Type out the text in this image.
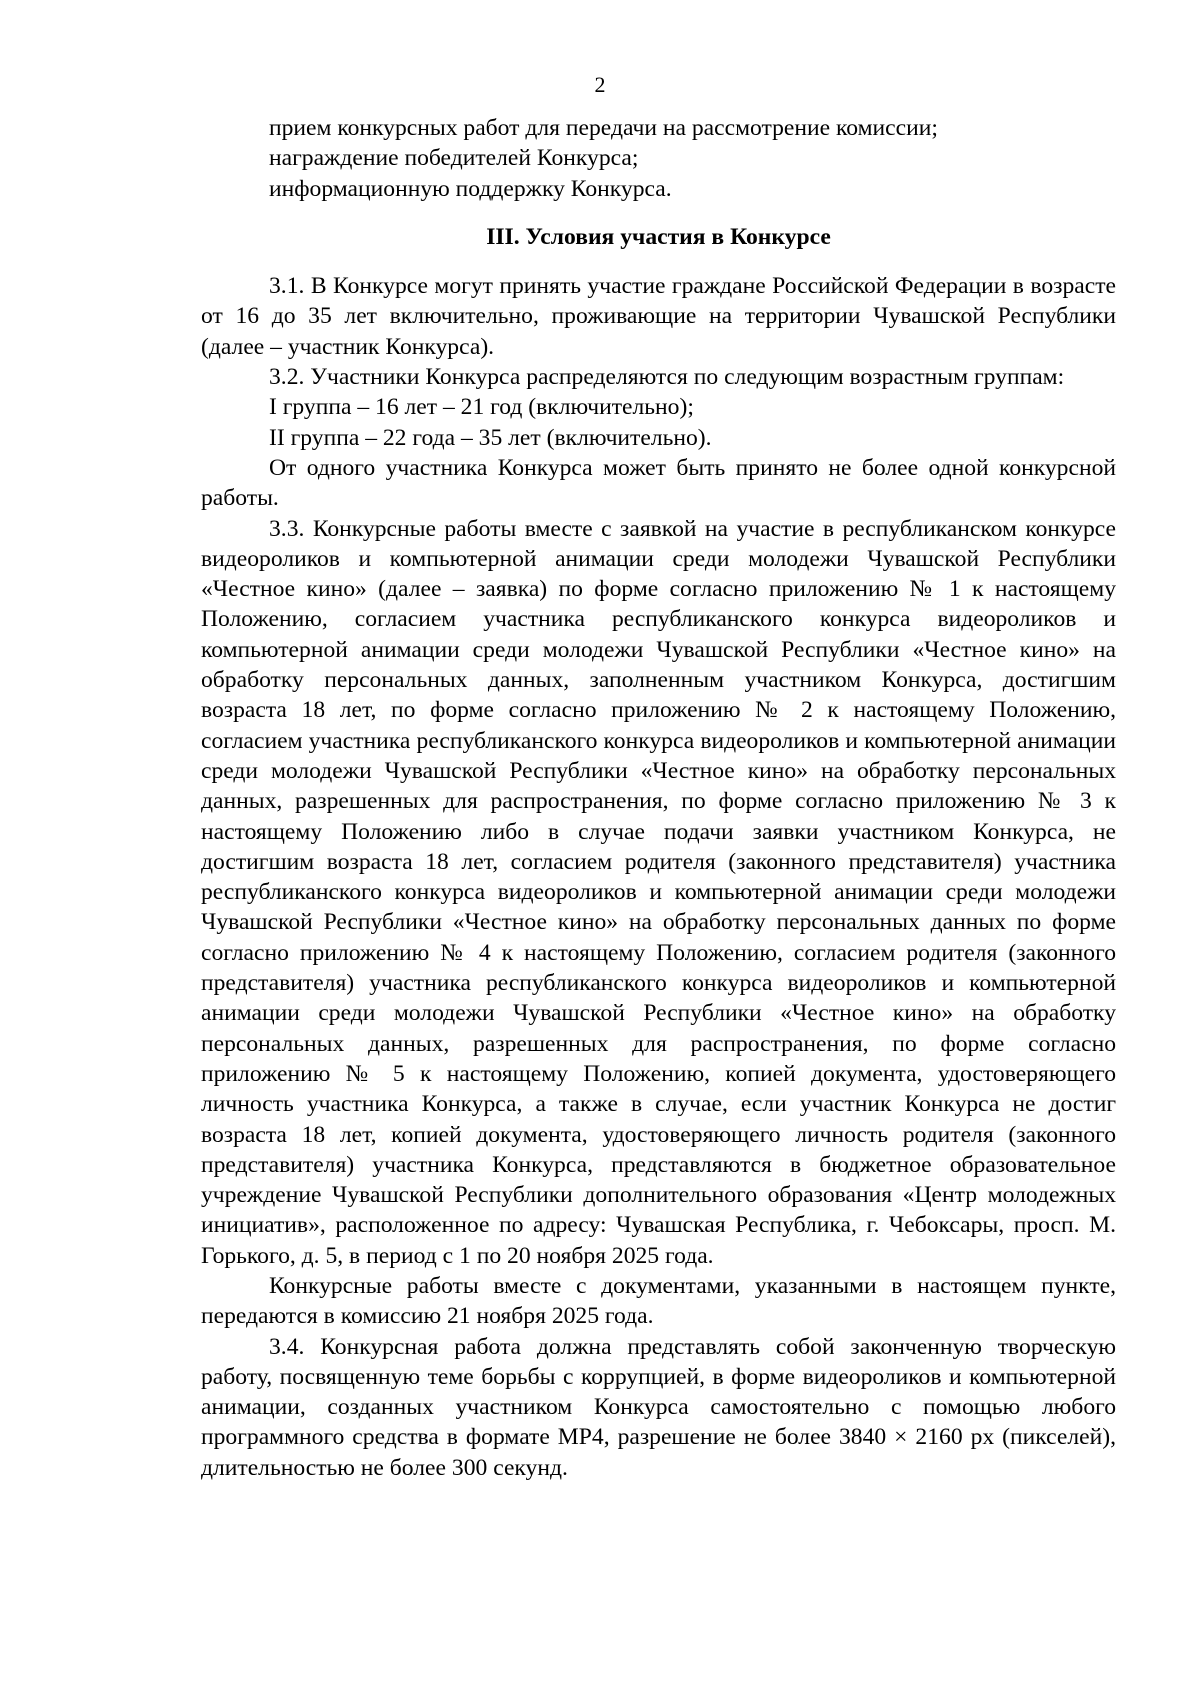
2

прием конкурсных работ для передачи на рассмотрение комиссии;

награждение победителей Конкурса;

информационную поддержку Конкурса.

III. Условия участия в Конкурсе

3.1. В Конкурсе могут принять участие граждане Российской Федерации в возрасте от 16 до 35 лет включительно, проживающие на территории Чувашской Республики (далее – участник Конкурса).

3.2. Участники Конкурса распределяются по следующим возрастным группам:

I группа – 16 лет – 21 год (включительно);

II группа – 22 года – 35 лет (включительно).

От одного участника Конкурса может быть принято не более одной конкурсной работы.

3.3. Конкурсные работы вместе с заявкой на участие в республиканском конкурсе видеороликов и компьютерной анимации среди молодежи Чувашской Республики «Честное кино» (далее – заявка) по форме согласно приложению № 1 к настоящему Положению, согласием участника республиканского конкурса видеороликов и компьютерной анимации среди молодежи Чувашской Республики «Честное кино» на обработку персональных данных, заполненным участником Конкурса, достигшим возраста 18 лет, по форме согласно приложению № 2 к настоящему Положению, согласием участника республиканского конкурса видеороликов и компьютерной анимации среди молодежи Чувашской Республики «Честное кино» на обработку персональных данных, разрешенных для распространения, по форме согласно приложению № 3 к настоящему Положению либо в случае подачи заявки участником Конкурса, не достигшим возраста 18 лет, согласием родителя (законного представителя) участника республиканского конкурса видеороликов и компьютерной анимации среди молодежи Чувашской Республики «Честное кино» на обработку персональных данных по форме согласно приложению № 4 к настоящему Положению, согласием родителя (законного представителя) участника республиканского конкурса видеороликов и компьютерной анимации среди молодежи Чувашской Республики «Честное кино» на обработку персональных данных, разрешенных для распространения, по форме согласно приложению № 5 к настоящему Положению, копией документа, удостоверяющего личность участника Конкурса, а также в случае, если участник Конкурса не достиг возраста 18 лет, копией документа, удостоверяющего личность родителя (законного представителя) участника Конкурса, представляются в бюджетное образовательное учреждение Чувашской Республики дополнительного образования «Центр молодежных инициатив», расположенное по адресу: Чувашская Республика, г. Чебоксары, просп. М. Горького, д. 5, в период с 1 по 20 ноября 2025 года.

Конкурсные работы вместе с документами, указанными в настоящем пункте, передаются в комиссию 21 ноября 2025 года.

3.4. Конкурсная работа должна представлять собой законченную творческую работу, посвященную теме борьбы с коррупцией, в форме видеороликов и компьютерной анимации, созданных участником Конкурса самостоятельно с помощью любого программного средства в формате MP4, разрешение не более 3840 × 2160 px (пикселей), длительностью не более 300 секунд.
